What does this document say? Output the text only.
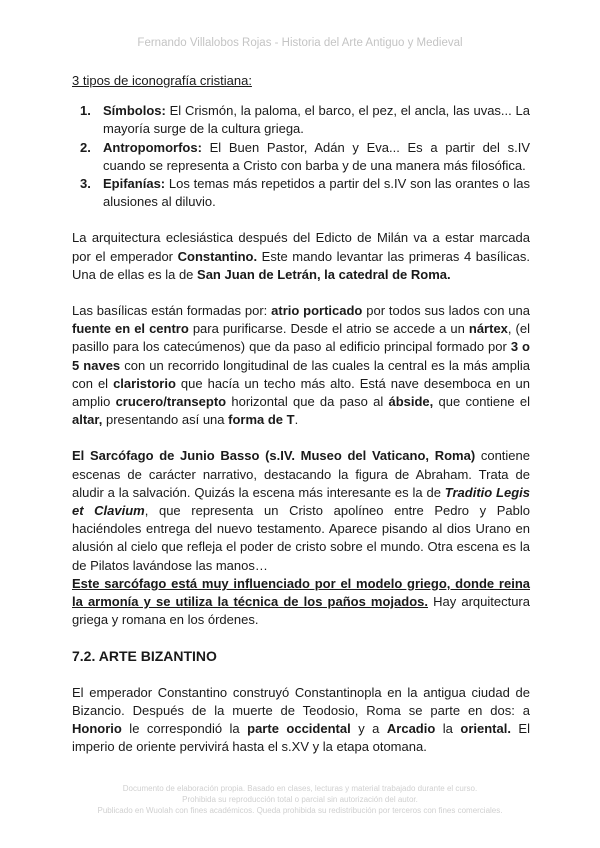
Fernando Villalobos Rojas - Historia del Arte Antiguo y Medieval

3 tipos de iconografía cristiana:

1. Símbolos: El Crismón, la paloma, el barco, el pez, el ancla, las uvas... La mayoría surge de la cultura griega.
2. Antropomorfos: El Buen Pastor, Adán y Eva... Es a partir del s.IV cuando se representa a Cristo con barba y de una manera más filosófica.
3. Epifanías: Los temas más repetidos a partir del s.IV son las orantes o las alusiones al diluvio.

La arquitectura eclesiástica después del Edicto de Milán va a estar marcada por el emperador Constantino. Este mando levantar las primeras 4 basílicas. Una de ellas es la de San Juan de Letrán, la catedral de Roma.

Las basílicas están formadas por: atrio porticado por todos sus lados con una fuente en el centro para purificarse. Desde el atrio se accede a un nártex, (el pasillo para los catecúmenos) que da paso al edificio principal formado por 3 o 5 naves con un recorrido longitudinal de las cuales la central es la más amplia con el claristorio que hacía un techo más alto. Está nave desemboca en un amplio crucero/transepto horizontal que da paso al ábside, que contiene el altar, presentando así una forma de T.

El Sarcófago de Junio Basso (s.IV. Museo del Vaticano, Roma) contiene escenas de carácter narrativo, destacando la figura de Abraham. Trata de aludir a la salvación. Quizás la escena más interesante es la de Traditio Legis et Clavium, que representa un Cristo apolíneo entre Pedro y Pablo haciéndoles entrega del nuevo testamento. Aparece pisando al dios Urano en alusión al cielo que refleja el poder de cristo sobre el mundo. Otra escena es la de Pilatos lavándose las manos…
Este sarcófago está muy influenciado por el modelo griego, donde reina la armonía y se utiliza la técnica de los paños mojados. Hay arquitectura griega y romana en los órdenes.

7.2. ARTE BIZANTINO

El emperador Constantino construyó Constantinopla en la antigua ciudad de Bizancio. Después de la muerte de Teodosio, Roma se parte en dos: a Honorio le correspondió la parte occidental y a Arcadio la oriental. El imperio de oriente pervivirá hasta el s.XV y la etapa otomana.

Documento de elaboración propia. Basado en clases, lecturas y material trabajado durante el curso.
Prohibida su reproducción total o parcial sin autorización del autor.
Publicado en Wuolah con fines académicos. Queda prohibida su redistribución por terceros con fines comerciales.
